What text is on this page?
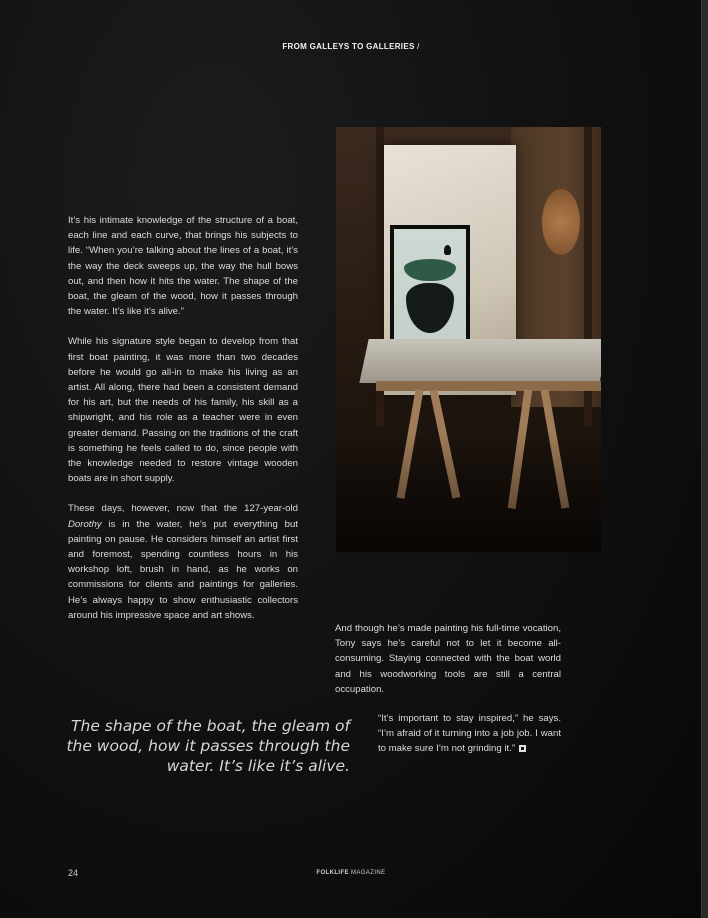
FROM GALLEYS TO GALLERIES /

It’s his intimate knowledge of the structure of a boat, each line and each curve, that brings his subjects to life. “When you’re talking about the lines of a boat, it’s the way the deck sweeps up, the way the hull bows out, and then how it hits the water. The shape of the boat, the gleam of the wood, how it passes through the water. It’s like it’s alive.”

While his signature style began to develop from that first boat painting, it was more than two decades before he would go all-in to make his living as an artist. All along, there had been a consistent demand for his art, but the needs of his family, his skill as a shipwright, and his role as a teacher were in even greater demand. Passing on the traditions of the craft is something he feels called to do, since people with the knowledge needed to restore vintage wooden boats are in short supply.

These days, however, now that the 127-year-old Dorothy is in the water, he’s put everything but painting on pause. He considers himself an artist first and foremost, spending countless hours in his workshop loft, brush in hand, as he works on commissions for clients and paintings for galleries. He’s always happy to show enthusiastic collectors around his impressive space and art shows.

And though he’s made painting his full-time vocation, Tony says he’s careful not to let it become all-consuming. Staying connected with the boat world and his woodworking tools are still a central occupation.

The shape of the boat, the gleam of the wood, how it passes through the water. It’s like it’s alive.

“It’s important to stay inspired,” he says. “I’m afraid of it turning into a job job. I want to make sure I’m not grinding it.”

24	FOLKLIFE MAGAZINE
